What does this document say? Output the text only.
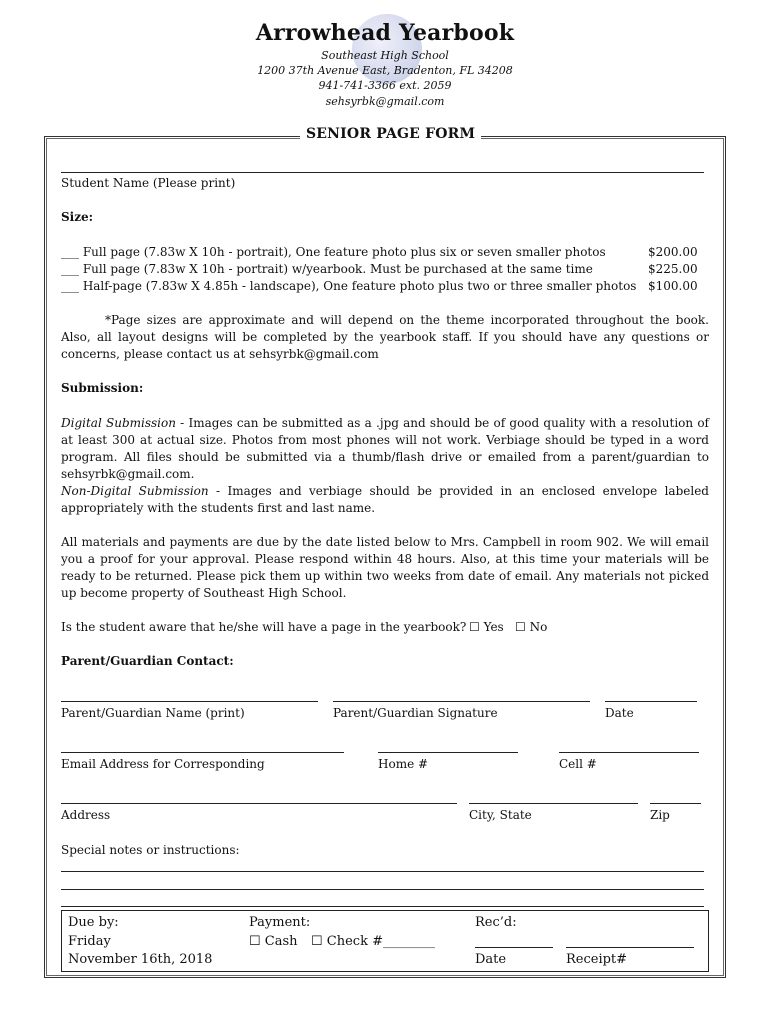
Arrowhead Yearbook
Southeast High School
1200 37th Avenue East, Bradenton, FL 34208
941-741-3366 ext. 2059
sehsyrbk@gmail.com
SENIOR PAGE FORM
Student Name (Please print)
Size:
___ Full page (7.83w X 10h - portrait), One feature photo plus six or seven smaller photos	$200.00
___ Full page (7.83w X 10h - portrait) w/yearbook. Must be purchased at the same time	$225.00
___ Half-page (7.83w X 4.85h - landscape), One feature photo plus two or three smaller photos $100.00
*Page sizes are approximate and will depend on the theme incorporated throughout the book. Also, all layout designs will be completed by the yearbook staff. If you should have any questions or concerns, please contact us at sehsyrbk@gmail.com
Submission:
Digital Submission - Images can be submitted as a .jpg and should be of good quality with a resolution of at least 300 at actual size. Photos from most phones will not work. Verbiage should be typed in a word program. All files should be submitted via a thumb/flash drive or emailed from a parent/guardian to sehsyrbk@gmail.com.
Non-Digital Submission - Images and verbiage should be provided in an enclosed envelope labeled appropriately with the students first and last name.
All materials and payments are due by the date listed below to Mrs. Campbell in room 902. We will email you a proof for your approval. Please respond within 48 hours. Also, at this time your materials will be ready to be returned. Please pick them up within two weeks from date of email. Any materials not picked up become property of Southeast High School.
Is the student aware that he/she will have a page in the yearbook? ☐ Yes ☐ No
Parent/Guardian Contact:
Parent/Guardian Name (print)	Parent/Guardian Signature	Date
Email Address for Corresponding	Home #	Cell #
Address	City, State	Zip
Special notes or instructions:
Due by:
Friday
November 16th, 2018
Payment:
☐ Cash ☐ Check #________
Rec’d:
Date	Receipt#
